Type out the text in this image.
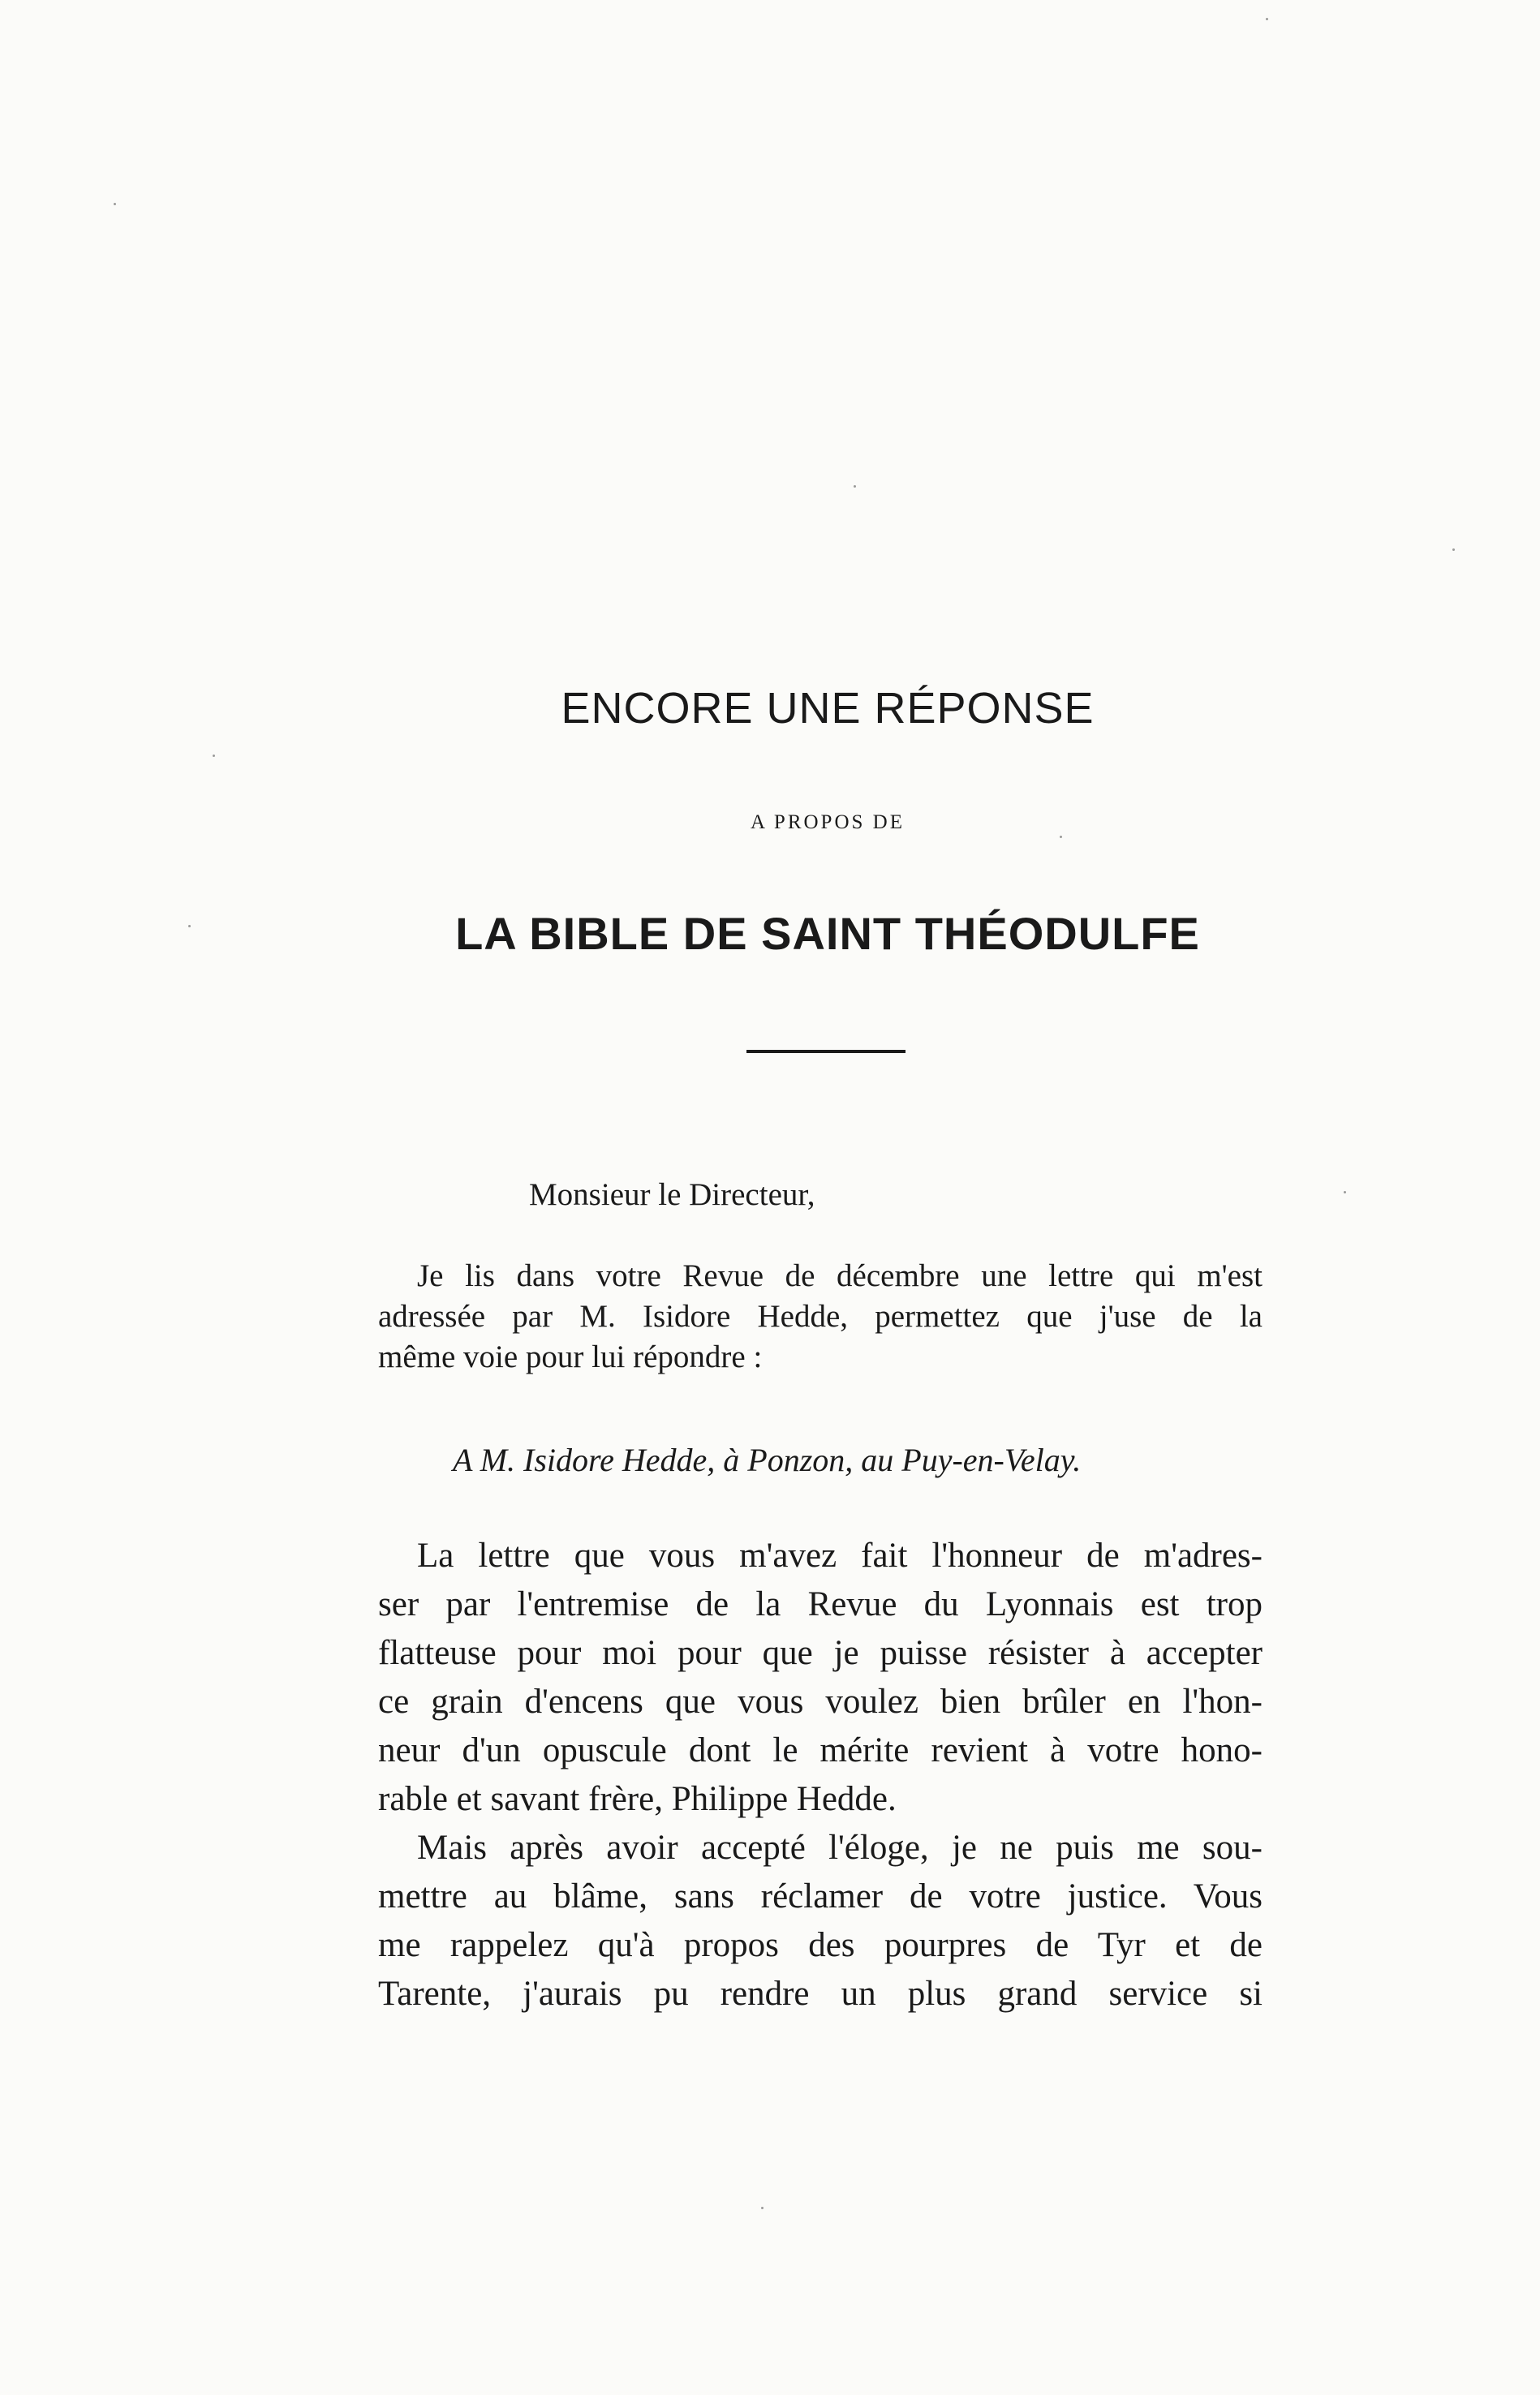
ENCORE UNE RÉPONSE
A PROPOS DE
LA BIBLE DE SAINT THÉODULFE
Monsieur le Directeur,
Je lis dans votre Revue de décembre une lettre qui m'est
adressée par M. Isidore Hedde, permettez que j'use de la
même voie pour lui répondre :
A M. Isidore Hedde, à Ponzon, au Puy-en-Velay.
La lettre que vous m'avez fait l'honneur de m'adres-
ser par l'entremise de la Revue du Lyonnais est trop
flatteuse pour moi pour que je puisse résister à accepter
ce grain d'encens que vous voulez bien brûler en l'hon-
neur d'un opuscule dont le mérite revient à votre hono-
rable et savant frère, Philippe Hedde.
Mais après avoir accepté l'éloge, je ne puis me sou-
mettre au blâme, sans réclamer de votre justice. Vous
me rappelez qu'à propos des pourpres de Tyr et de
Tarente, j'aurais pu rendre un plus grand service si
